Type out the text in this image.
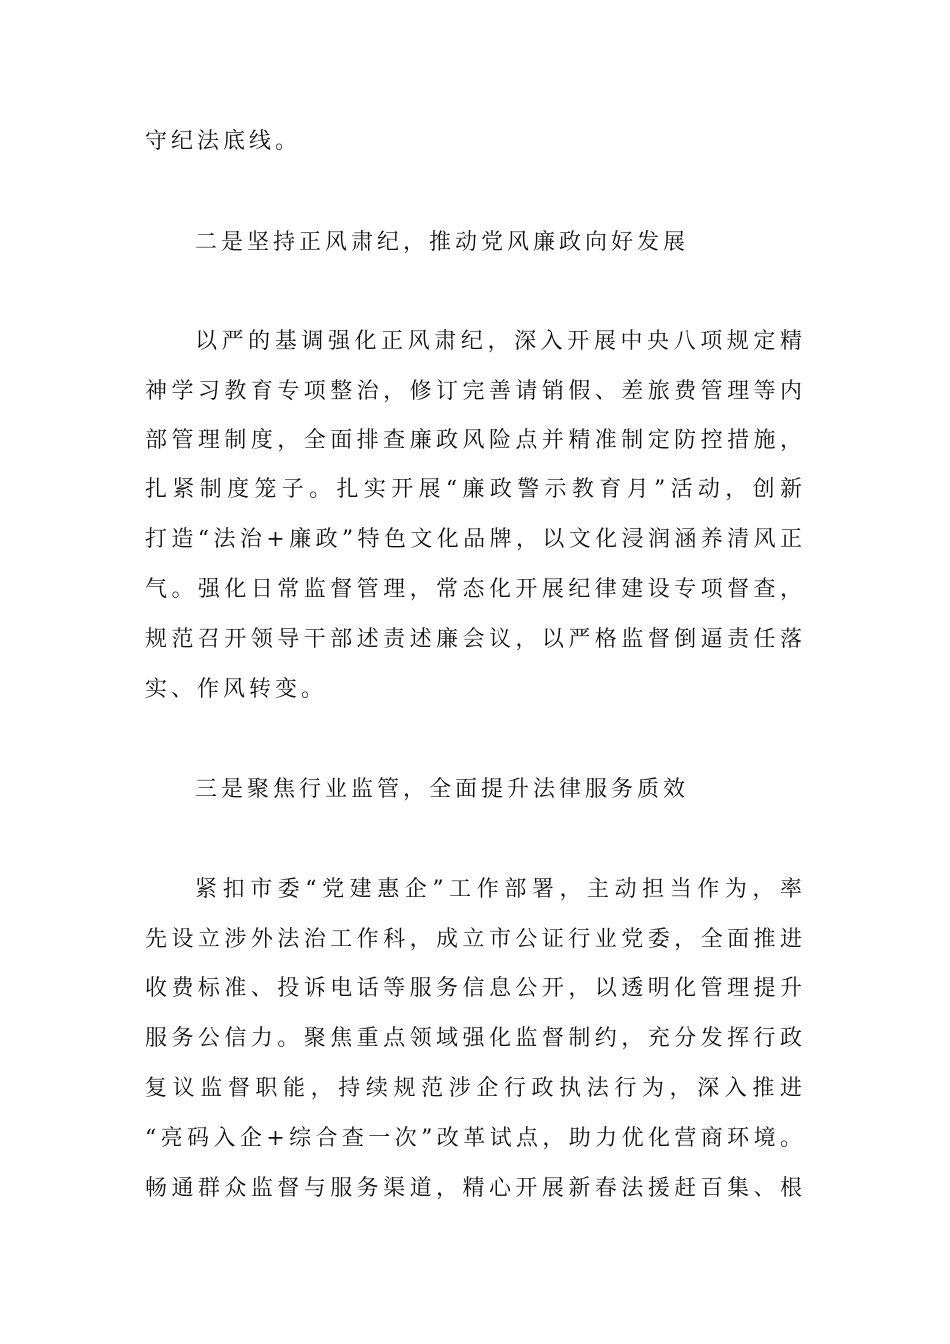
守纪法底线。
二是坚持正风肃纪，推动党风廉政向好发展
以严的基调强化正风肃纪，深入开展中央八项规定精
神学习教育专项整治，修订完善请销假、差旅费管理等内
部管理制度，全面排查廉政风险点并精准制定防控措施，
扎紧制度笼子。扎实开展“廉政警示教育月”活动，创新
打造“法治+廉政”特色文化品牌，以文化浸润涵养清风正
气。强化日常监督管理，常态化开展纪律建设专项督查，
规范召开领导干部述责述廉会议，以严格监督倒逼责任落
实、作风转变。
三是聚焦行业监管，全面提升法律服务质效
紧扣市委“党建惠企”工作部署，主动担当作为，率
先设立涉外法治工作科，成立市公证行业党委，全面推进
收费标准、投诉电话等服务信息公开，以透明化管理提升
服务公信力。聚焦重点领域强化监督制约，充分发挥行政
复议监督职能，持续规范涉企行政执法行为，深入推进
“亮码入企+综合查一次”改革试点，助力优化营商环境。
畅通群众监督与服务渠道，精心开展新春法援赶百集、根
